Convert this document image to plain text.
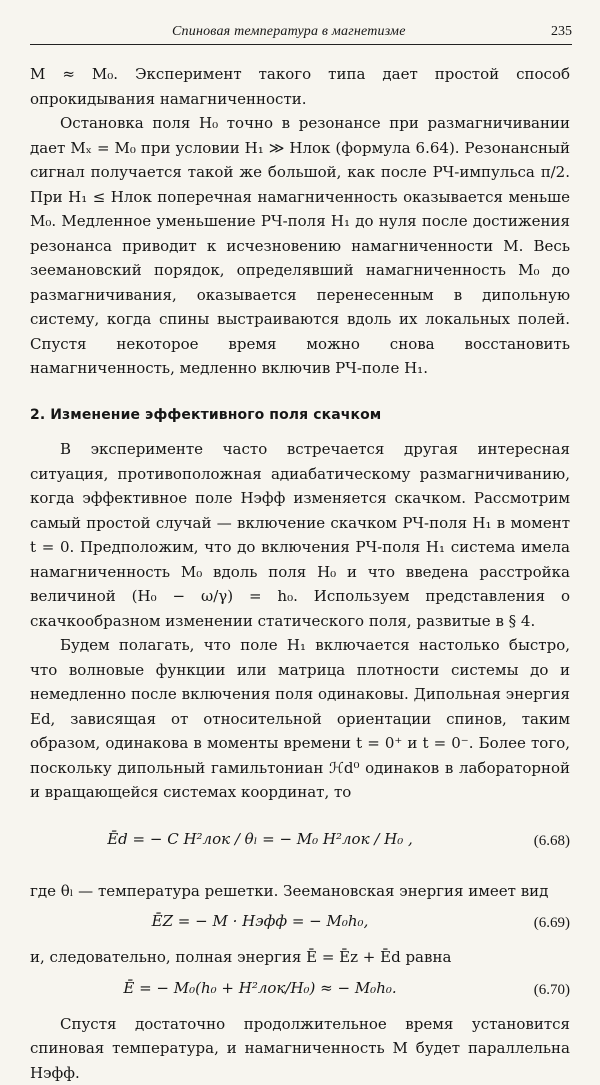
Спиновая температура в магнетизме	235

M ≈ M₀. Эксперимент такого типа дает простой способ опрокидывания намагниченности.

Остановка поля H₀ точно в резонансе при размагничивании дает Mₓ = M₀ при условии H₁ ≫ Hлок (формула 6.64). Резонансный сигнал получается такой же большой, как после РЧ-импульса π/2. При H₁ ≤ Hлок поперечная намагниченность оказывается меньше M₀. Медленное уменьшение РЧ-поля H₁ до нуля после достижения резонанса приводит к исчезновению намагниченности M. Весь зеемановский порядок, определявший намагниченность M₀ до размагничивания, оказывается перенесенным в дипольную систему, когда спины выстраиваются вдоль их локальных полей. Спустя некоторое время можно снова восстановить намагниченность, медленно включив РЧ-поле H₁.

2. Изменение эффективного поля скачком

В эксперименте часто встречается другая интересная ситуация, противоположная адиабатическому размагничиванию, когда эффективное поле Hэфф изменяется скачком. Рассмотрим самый простой случай — включение скачком РЧ-поля H₁ в момент t = 0. Предположим, что до включения РЧ-поля H₁ система имела намагниченность M₀ вдоль поля H₀ и что введена расстройка величиной (H₀ − ω/γ) = h₀. Используем представления о скачкообразном изменении статического поля, развитые в § 4.

Будем полагать, что поле H₁ включается настолько быстро, что волновые функции или матрица плотности системы до и немедленно после включения поля одинаковы. Дипольная энергия Ed, зависящая от относительной ориентации спинов, таким образом, одинакова в моменты времени t = 0⁺ и t = 0⁻. Более того, поскольку дипольный гамильтониан ℋd⁰ одинаков в лабораторной и вращающейся системах координат, то

Ēd = − C H²лок / θₗ = − M₀ H²лок / H₀ ,	(6.68)

где θₗ — температура решетки. Зеемановская энергия имеет вид

ĒZ = − M · Hэфф = − M₀h₀,	(6.69)

и, следовательно, полная энергия Ē = Ēz + Ēd равна

Ē = − M₀(h₀ + H²лок/H₀) ≈ − M₀h₀.	(6.70)

Спустя достаточно продолжительное время установится спиновая температура, и намагниченность M будет параллельна Hэфф.
